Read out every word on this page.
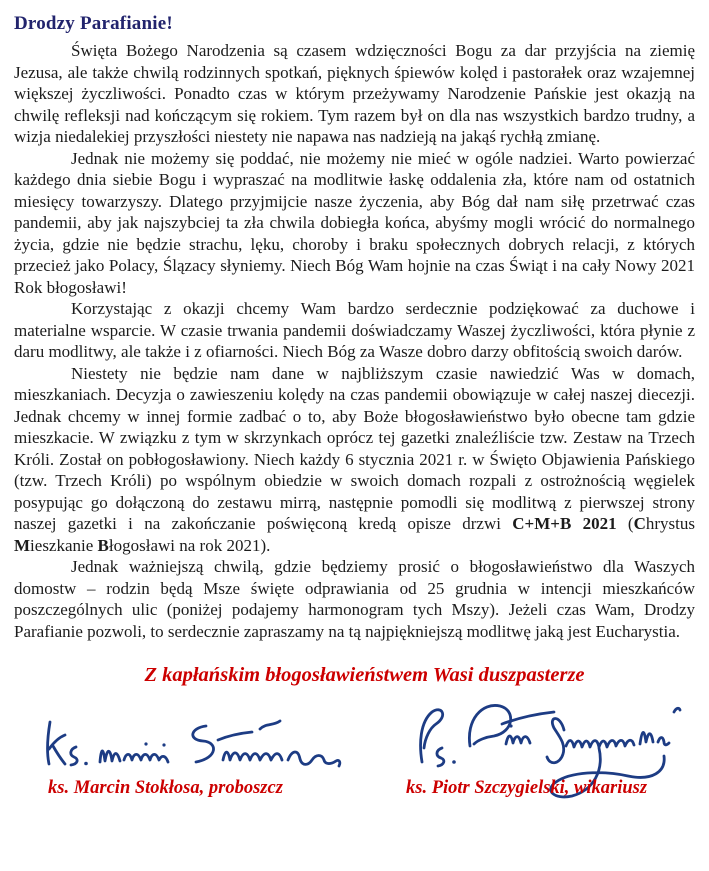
Drodzy Parafianie!

Święta Bożego Narodzenia są czasem wdzięczności Bogu za dar przyjścia na ziemię Jezusa, ale także chwilą rodzinnych spotkań, pięknych śpiewów kolęd i pastorałek oraz wzajemnej większej życzliwości. Ponadto czas w którym przeżywamy Narodzenie Pańskie jest okazją na chwilę refleksji nad kończącym się rokiem. Tym razem był on dla nas wszystkich bardzo trudny, a wizja niedalekiej przyszłości niestety nie napawa nas nadzieją na jakąś rychłą zmianę.

Jednak nie możemy się poddać, nie możemy nie mieć w ogóle nadziei. Warto powierzać każdego dnia siebie Bogu i wypraszać na modlitwie łaskę oddalenia zła, które nam od ostatnich miesięcy towarzyszy. Dlatego przyjmijcie nasze życzenia, aby Bóg dał nam siłę przetrwać czas pandemii, aby jak najszybciej ta zła chwila dobiegła końca, abyśmy mogli wrócić do normalnego życia, gdzie nie będzie strachu, lęku, choroby i braku społecznych dobrych relacji, z których przecież jako Polacy, Ślązacy słyniemy. Niech Bóg Wam hojnie na czas Świąt i na cały Nowy 2021 Rok błogosławi!

Korzystając z okazji chcemy Wam bardzo serdecznie podziękować za duchowe i materialne wsparcie. W czasie trwania pandemii doświadczamy Waszej życzliwości, która płynie z daru modlitwy, ale także i z ofiarności. Niech Bóg za Wasze dobro darzy obfitością swoich darów.

Niestety nie będzie nam dane w najbliższym czasie nawiedzić Was w domach, mieszkaniach. Decyzja o zawieszeniu kolędy na czas pandemii obowiązuje w całej naszej diecezji. Jednak chcemy w innej formie zadbać o to, aby Boże błogosławieństwo było obecne tam gdzie mieszkacie. W związku z tym w skrzynkach oprócz tej gazetki znaleźliście tzw. Zestaw na Trzech Króli. Został on pobłogosławiony. Niech każdy 6 stycznia 2021 r. w Święto Objawienia Pańskiego (tzw. Trzech Króli) po wspólnym obiedzie w swoich domach rozpali z ostrożnością węgielek posypując go dołączoną do zestawu mirrą, następnie pomodli się modlitwą z pierwszej strony naszej gazetki i na zakończanie poświęconą kredą opisze drzwi C+M+B 2021 (Chrystus Mieszkanie Błogosławi na rok 2021).

Jednak ważniejszą chwilą, gdzie będziemy prosić o błogosławieństwo dla Waszych domostw – rodzin będą Msze święte odprawiania od 25 grudnia w intencji mieszkańców poszczególnych ulic (poniżej podajemy harmonogram tych Mszy). Jeżeli czas Wam, Drodzy Parafianie pozwoli, to serdecznie zapraszamy na tą najpiękniejszą modlitwę jaką jest Eucharystia.

Z kapłańskim błogosławieństwem Wasi duszpasterze
ks. Marcin Stokłosa, proboszcz	ks. Piotr Szczygielski, wikariusz
